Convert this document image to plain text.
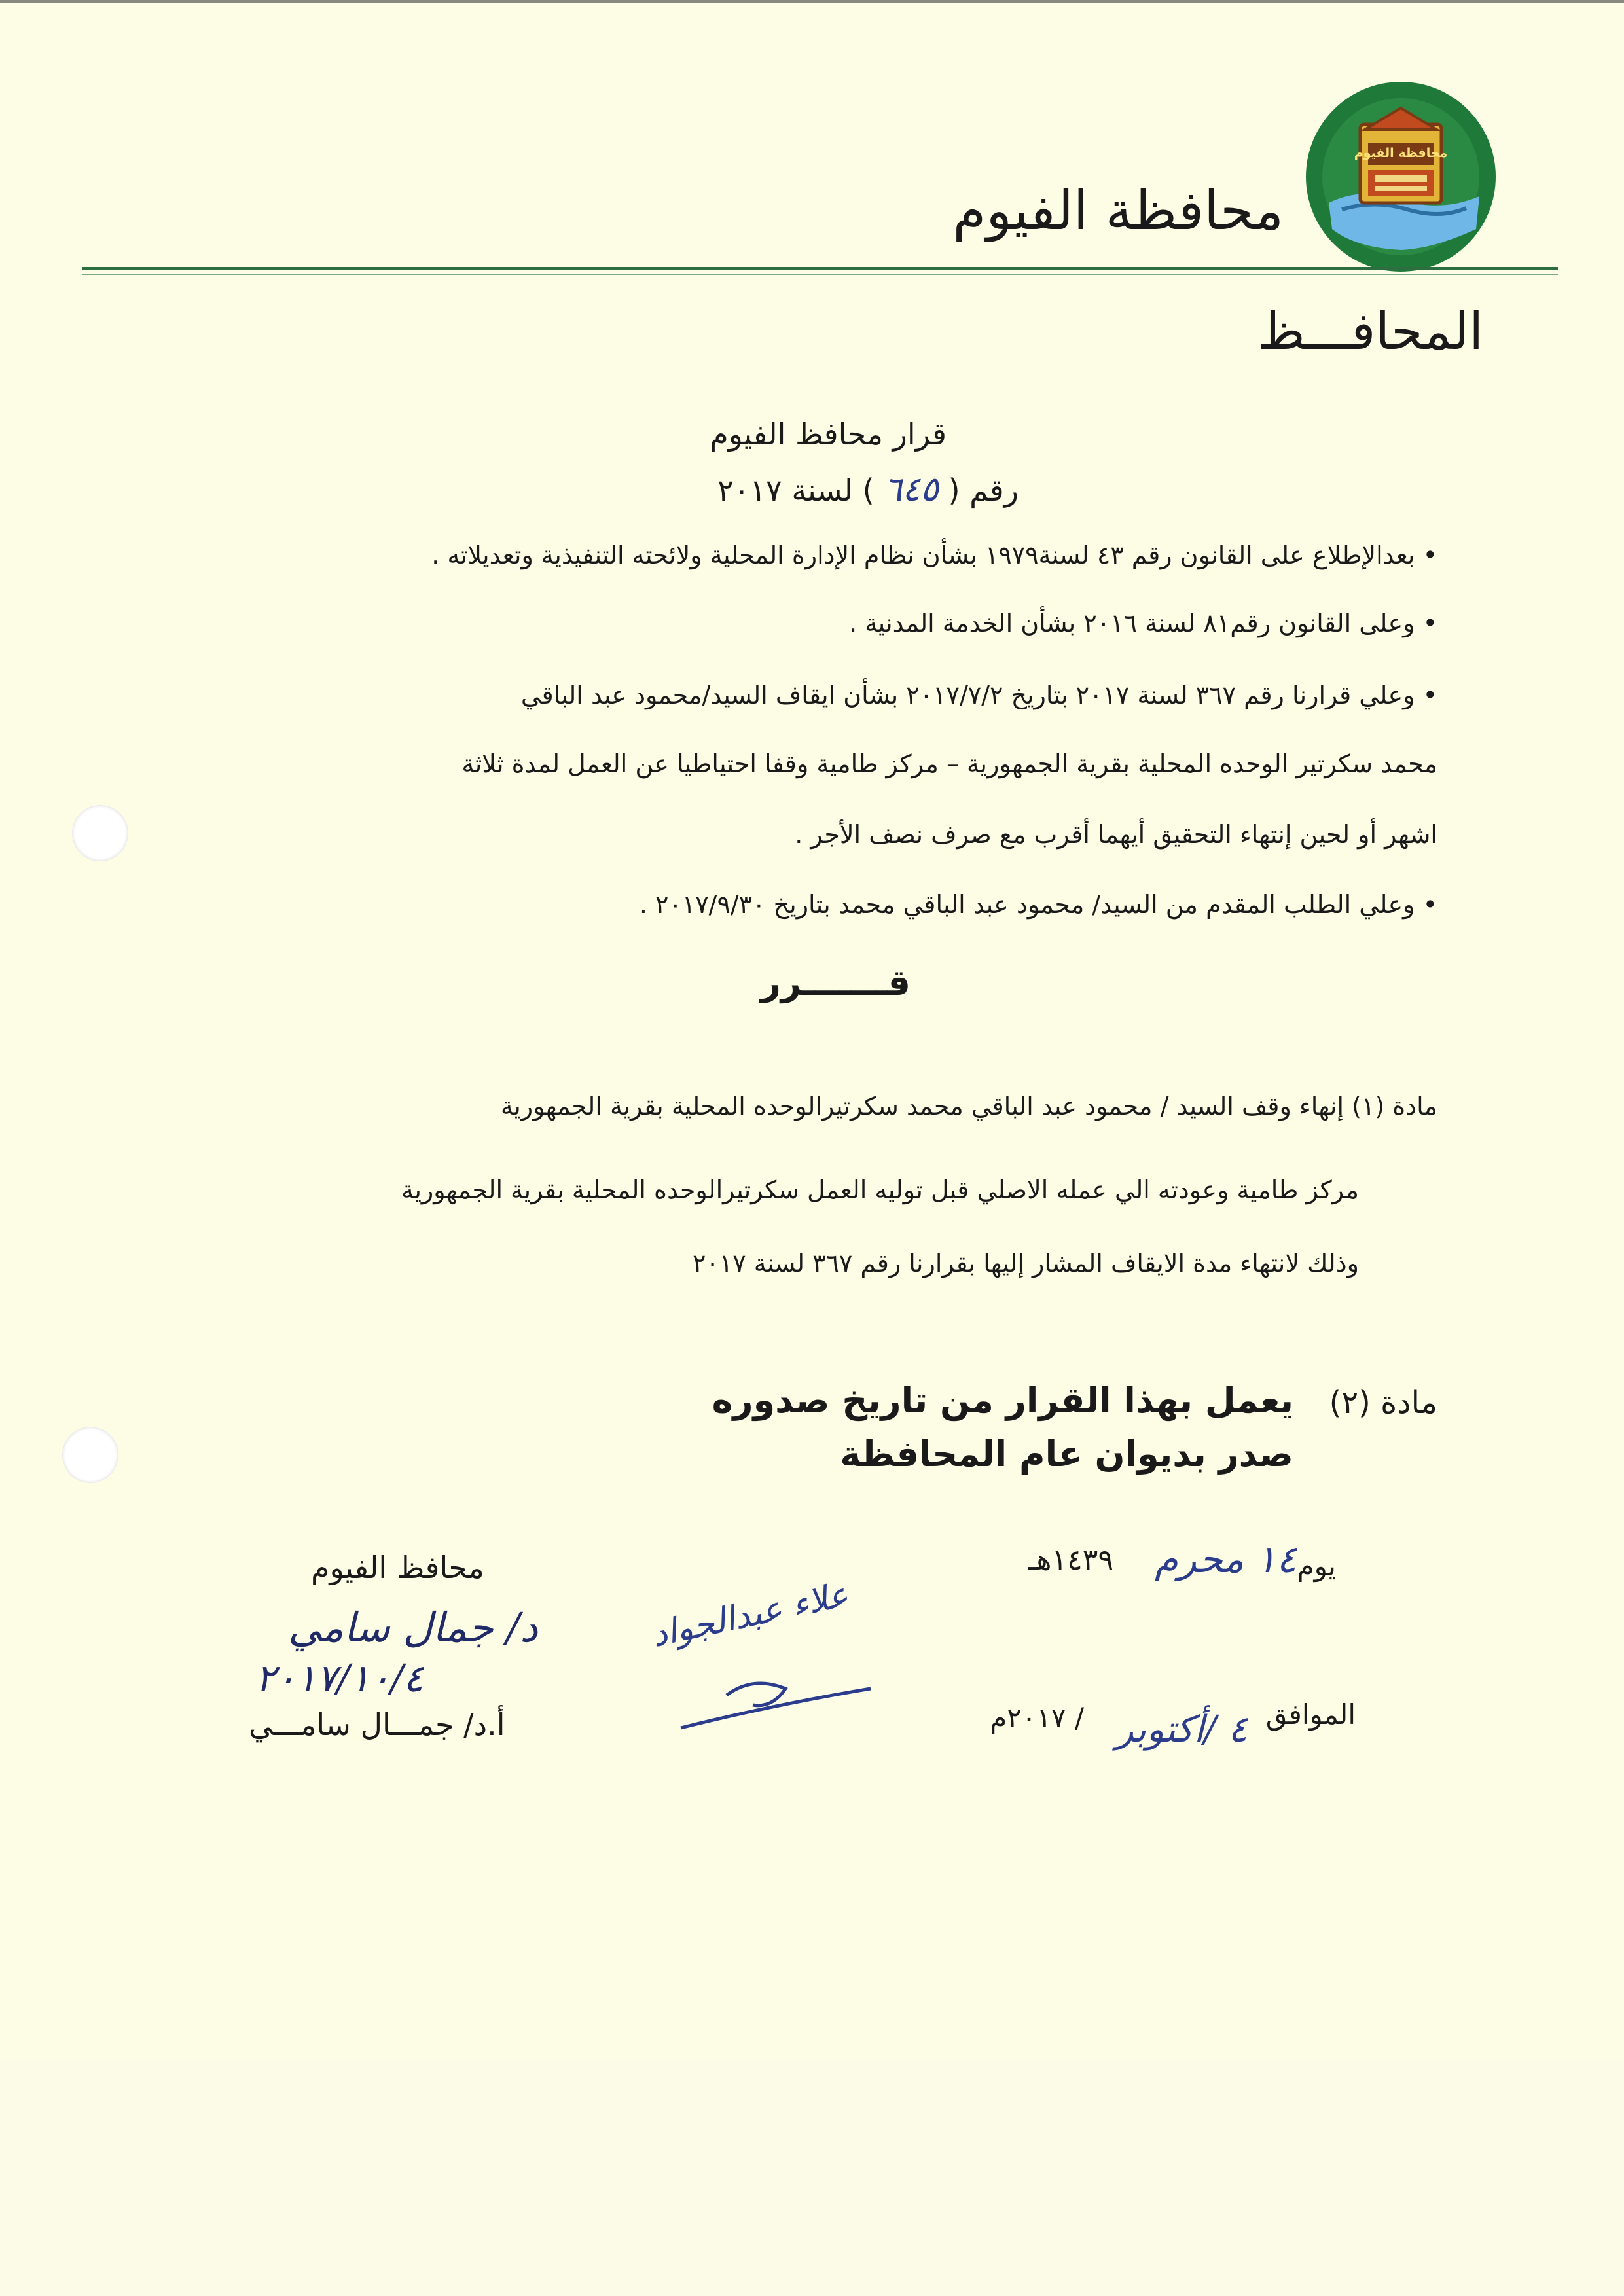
محافظة الفيوم
محافظة الفيوم
المحافـــظ
قرار محافظ الفيوم
رقم ( ٦٤٥ ) لسنة ٢٠١٧
• بعدالإطلاع على القانون رقم ٤٣ لسنة١٩٧٩ بشأن نظام الإدارة المحلية ولائحته التنفيذية وتعديلاته .
• وعلى القانون رقم٨١ لسنة ٢٠١٦ بشأن الخدمة المدنية .
• وعلي قرارنا رقم ٣٦٧ لسنة ٢٠١٧ بتاريخ ٢٠١٧/٧/٢ بشأن ايقاف السيد/محمود عبد الباقي
محمد سكرتير الوحده المحلية بقرية الجمهورية – مركز طامية وقفا احتياطيا عن العمل لمدة ثلاثة
اشهر أو لحين إنتهاء التحقيق أيهما أقرب مع صرف نصف الأجر .
• وعلي الطلب المقدم من السيد/ محمود عبد الباقي محمد بتاريخ ٢٠١٧/٩/٣٠ .
قـــــــرر
مادة (١) إنهاء وقف السيد / محمود عبد الباقي محمد سكرتيرالوحده المحلية بقرية الجمهورية
مركز طامية وعودته الي عمله الاصلي قبل توليه العمل سكرتيرالوحده المحلية بقرية الجمهورية
وذلك لانتهاء مدة الايقاف المشار إليها بقرارنا رقم ٣٦٧ لسنة ٢٠١٧
مادة (٢)
يعمل بهذا القرار من تاريخ صدوره
صدر بديوان عام المحافظة
يوم
١٤ محرم
١٤٣٩هـ
الموافق
٤ /أكتوبر
/ ٢٠١٧م
علاء عبدالجواد
محافظ الفيوم
د/ جمال سامي
٢٠١٧/١٠/٤
أ.د/ جمـــال سامـــي
